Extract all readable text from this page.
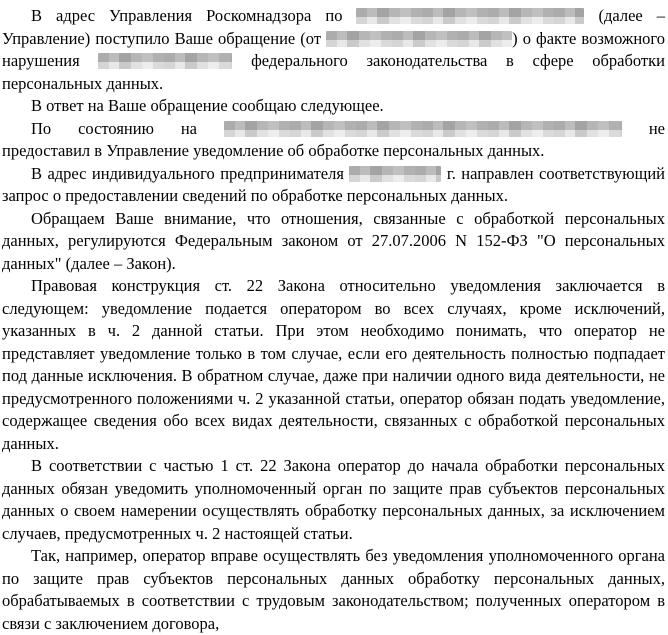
В адрес Управления Роскомнадзора по	(далее – Управление) поступило Ваше обращение (от	) о факте возможного нарушения	федерального законодательства в сфере обработки персональных данных.

В ответ на Ваше обращение сообщаю следующее.

По состоянию на	не предоставил в Управление уведомление об обработке персональных данных.

В адрес индивидуального предпринимателя	г. направлен соответствующий запрос о предоставлении сведений по обработке персональных данных.

Обращаем Ваше внимание, что отношения, связанные с обработкой персональных данных, регулируются Федеральным законом от 27.07.2006 N 152-ФЗ "О персональных данных" (далее – Закон).

Правовая конструкция ст. 22 Закона относительно уведомления заключается в следующем: уведомление подается оператором во всех случаях, кроме исключений, указанных в ч. 2 данной статьи. При этом необходимо понимать, что оператор не представляет уведомление только в том случае, если его деятельность полностью подпадает под данные исключения. В обратном случае, даже при наличии одного вида деятельности, не предусмотренного положениями ч. 2 указанной статьи, оператор обязан подать уведомление, содержащее сведения обо всех видах деятельности, связанных с обработкой персональных данных.

В соответствии с частью 1 ст. 22 Закона оператор до начала обработки персональных данных обязан уведомить уполномоченный орган по защите прав субъектов персональных данных о своем намерении осуществлять обработку персональных данных, за исключением случаев, предусмотренных ч. 2 настоящей статьи.

Так, например, оператор вправе осуществлять без уведомления уполномоченного органа по защите прав субъектов персональных данных обработку персональных данных, обрабатываемых в соответствии с трудовым законодательством; полученных оператором в связи с заключением договора,
